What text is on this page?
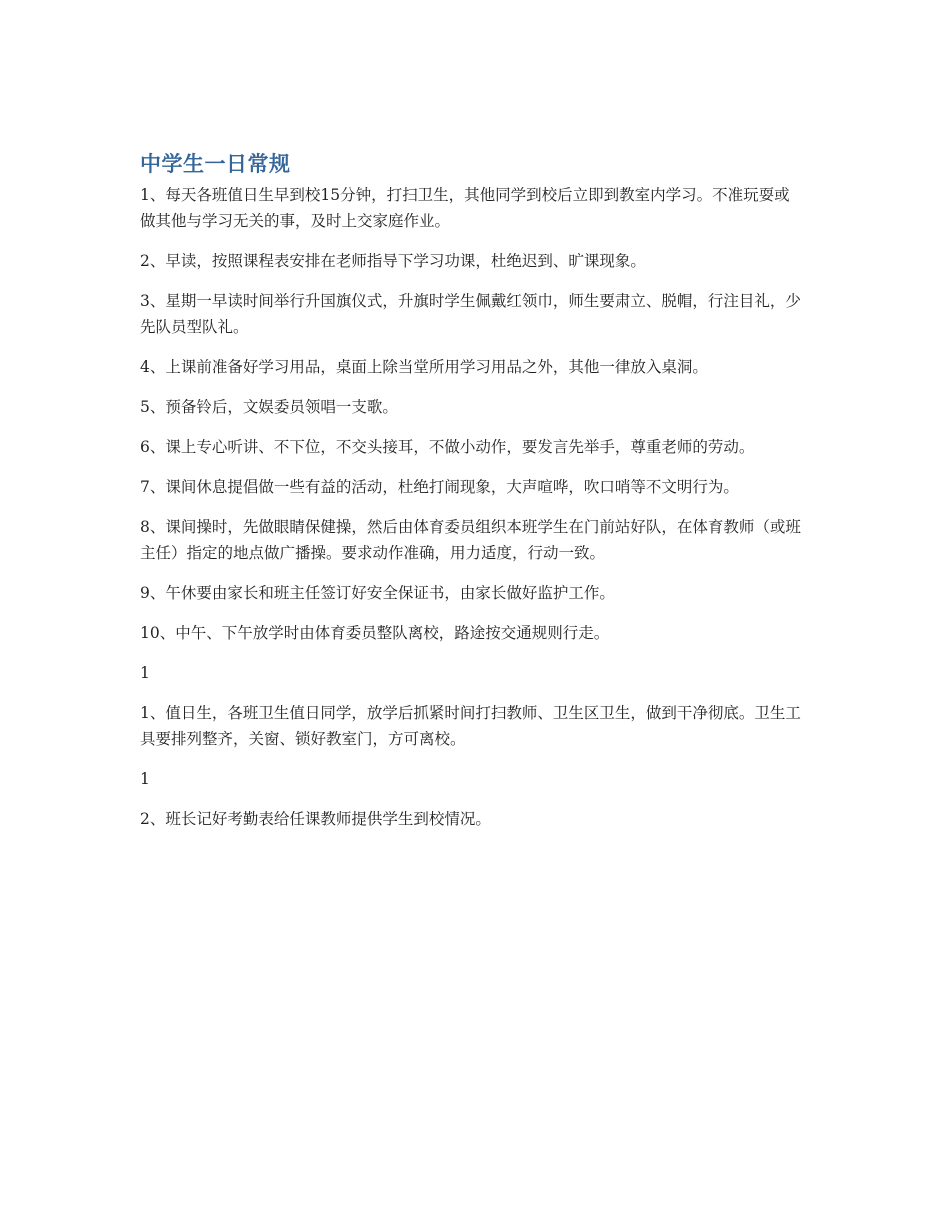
中学生一日常规

1、每天各班值日生早到校15分钟，打扫卫生，其他同学到校后立即到教室内学习。不准玩耍或做其他与学习无关的事，及时上交家庭作业。

2、早读，按照课程表安排在老师指导下学习功课，杜绝迟到、旷课现象。

3、星期一早读时间举行升国旗仪式，升旗时学生佩戴红领巾，师生要肃立、脱帽，行注目礼，少先队员型队礼。

4、上课前准备好学习用品，桌面上除当堂所用学习用品之外，其他一律放入桌洞。

5、预备铃后，文娱委员领唱一支歌。

6、课上专心听讲、不下位，不交头接耳，不做小动作，要发言先举手，尊重老师的劳动。

7、课间休息提倡做一些有益的活动，杜绝打闹现象，大声喧哗，吹口哨等不文明行为。

8、课间操时，先做眼睛保健操，然后由体育委员组织本班学生在门前站好队，在体育教师（或班主任）指定的地点做广播操。要求动作准确，用力适度，行动一致。

9、午休要由家长和班主任签订好安全保证书，由家长做好监护工作。

10、中午、下午放学时由体育委员整队离校，路途按交通规则行走。

1

1、值日生，各班卫生值日同学，放学后抓紧时间打扫教师、卫生区卫生，做到干净彻底。卫生工具要排列整齐，关窗、锁好教室门，方可离校。

1

2、班长记好考勤表给任课教师提供学生到校情况。
